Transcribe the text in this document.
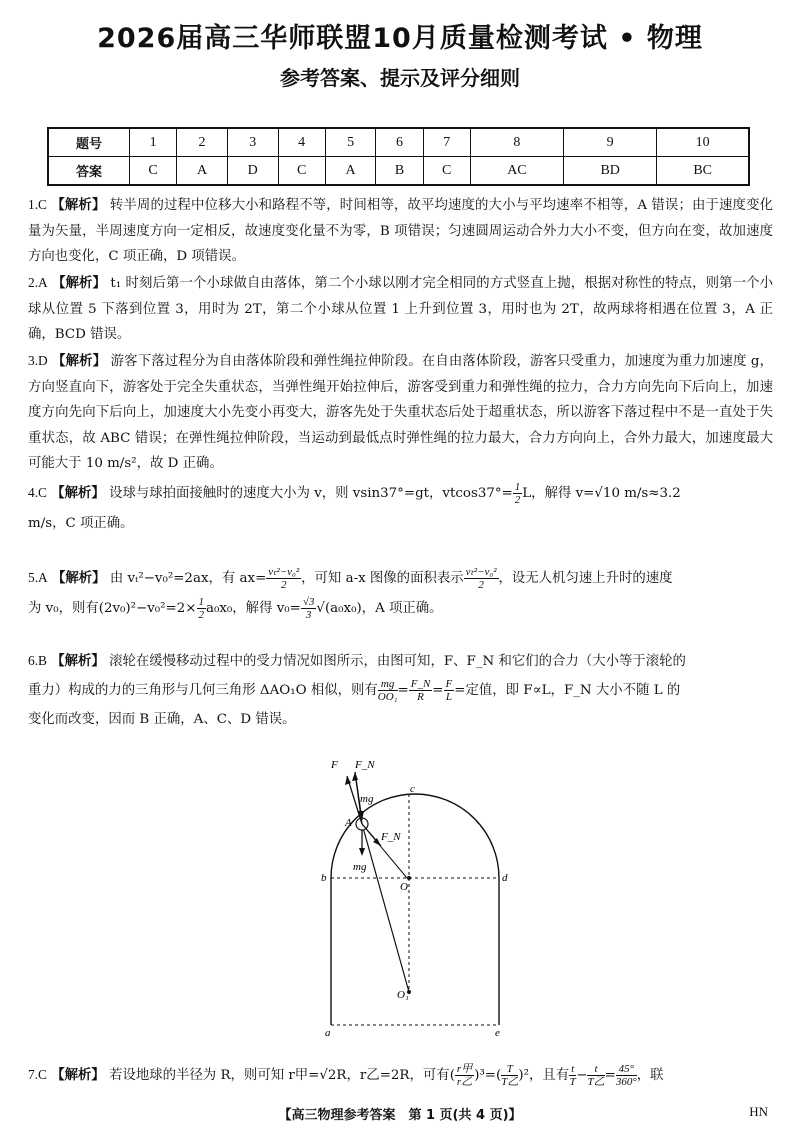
2026届高三华师联盟10月质量检测考试 • 物理
参考答案、提示及评分细则
题号	1	2	3	4	5	6	7	8	9	10
答案	C	A	D	C	A	B	C	AC	BD	BC
1.C 【解析】 转半周的过程中位移大小和路程不等，时间相等，故平均速度的大小与平均速率不相等，A 错误；由于速度变化量为矢量，半周速度方向一定相反，故速度变化量不为零，B 项错误；匀速圆周运动合外力大小不变，但方向在变，故加速度方向也变化，C 项正确，D 项错误。
2.A 【解析】 t₁ 时刻后第一个小球做自由落体，第二个小球以刚才完全相同的方式竖直上抛，根据对称性的特点，则第一个小球从位置 5 下落到位置 3，用时为 2T，第二个小球从位置 1 上升到位置 3，用时也为 2T，故两球将相遇在位置 3，A 正确，BCD 错误。
3.D 【解析】 游客下落过程分为自由落体阶段和弹性绳拉伸阶段。在自由落体阶段，游客只受重力，加速度为重力加速度 g，方向竖直向下，游客处于完全失重状态，当弹性绳开始拉伸后，游客受到重力和弹性绳的拉力，合力方向先向下后向上，加速度方向先向下后向上，加速度大小先变小再变大，游客先处于失重状态后处于超重状态，所以游客下落过程中不是一直处于失重状态，故 ABC 错误；在弹性绳拉伸阶段，当运动到最低点时弹性绳的拉力最大，合力方向向上，合外力最大，加速度最大可能大于 10 m/s²，故 D 正确。
4.C 【解析】 设球与球拍面接触时的速度大小为 v，则 vsin37°=gt，$vtcos37^\circ= \frac{1}{2}$ L，解得 v=√10 m/s≈3.2
m/s，C 项正确。
5.A 【解析】 由 vₜ²−v₀²=2ax，有 $ax= \frac{\text{vₜ²−v₀²}}{2}$ ，可知 a-x 图像的面积表示 $\frac{\text{vₜ²−v₀²}}{2}$ ，设无人机匀速上升时的速度
为 v₀，则有$(2v_0)^2-v_0^2=2\times \frac{1}{2} a_0x_0$，解得 $v_0= \frac{√3}{3} √(a_0x_0)$，A 项正确。
6.B 【解析】 滚轮在缓慢移动过程中的受力情况如图所示，由图可知，F、F_N 和它们的合力（大小等于滚轮的
重力）构成的力的三角形与几何三角形 ΔAO₁O 相似，则有 $\frac{mg}{\text{OO₁}} = \frac{F\_N}{R} = \frac{F}{L}$ =定值，即 F∝L，F_N 大小不随 L 的
变化而改变，因而 B 正确，A、C、D 错误。
F F_N
mg
A
F_N
mg
b
c
d
O
O₁
a	e
7.C 【解析】 若设地球的半径为 R，则可知 r甲=√2R，r乙=2R，可有( $\frac{\text{r甲}}{\text{r乙}} )^3=( \frac{T}{\text{T乙}} )^2$，且有 $\frac{t}{T} - \frac{t}{\text{T乙}} = \frac{45^\circ}{360^\circ}$ ，联
【高三物理参考答案　第 1 页(共 4 页)】	HN
